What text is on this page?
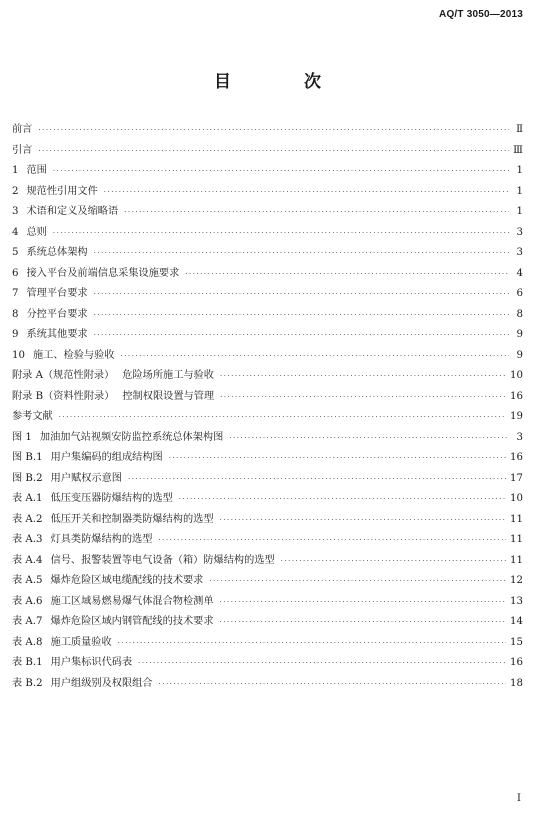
AQ/T 3050—2013
目　次
前言 ·····	Ⅱ
引言 ·····	Ⅲ
1 范围 ·····	1
2 规范性引用文件 ·····	1
3 术语和定义及缩略语 ·····	1
4 总则 ·····	3
5 系统总体架构 ·····	3
6 接入平台及前端信息采集设施要求 ·····	4
7 管理平台要求 ·····	6
8 分控平台要求 ·····	8
9 系统其他要求 ·····	9
10 施工、检验与验收 ·····	9
附录 A（规范性附录） 危险场所施工与验收 ·····	10
附录 B（资料性附录） 控制权限设置与管理 ·····	16
参考文献 ·····	19
图 1 加油加气站视频安防监控系统总体架构图 ·····	3
图 B.1 用户集编码的组成结构图 ·····	16
图 B.2 用户赋权示意图 ·····	17
表 A.1 低压变压器防爆结构的选型 ·····	10
表 A.2 低压开关和控制器类防爆结构的选型 ·····	11
表 A.3 灯具类防爆结构的选型 ·····	11
表 A.4 信号、报警装置等电气设备（箱）防爆结构的选型 ·····	11
表 A.5 爆炸危险区域电缆配线的技术要求 ·····	12
表 A.6 施工区域易燃易爆气体混合物检测单 ·····	13
表 A.7 爆炸危险区域内钢管配线的技术要求 ·····	14
表 A.8 施工质量验收 ·····	15
表 B.1 用户集标识代码表 ·····	16
表 B.2 用户组级别及权限组合 ·····	18
I
